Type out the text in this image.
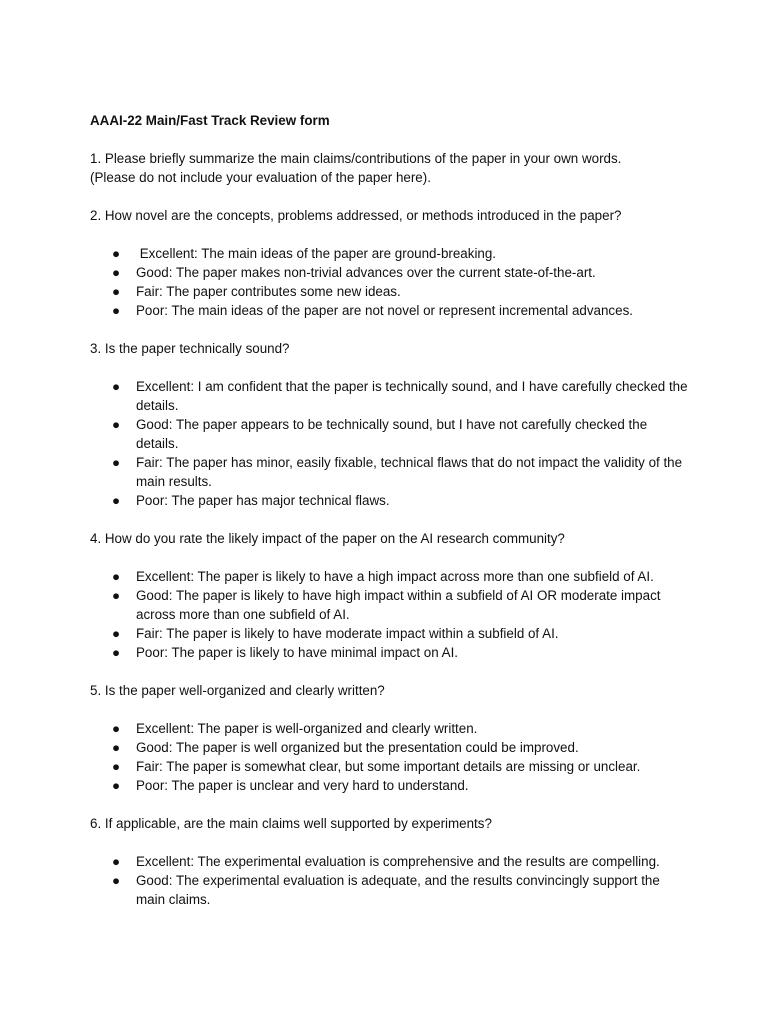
AAAI-22 Main/Fast Track Review form
1. Please briefly summarize the main claims/contributions of the paper in your own words.
(Please do not include your evaluation of the paper here).
2. How novel are the concepts, problems addressed, or methods introduced in the paper?
● Excellent: The main ideas of the paper are ground-breaking.
● Good: The paper makes non-trivial advances over the current state-of-the-art.
● Fair: The paper contributes some new ideas.
● Poor: The main ideas of the paper are not novel or represent incremental advances.
3. Is the paper technically sound?
● Excellent: I am confident that the paper is technically sound, and I have carefully checked the details.
● Good: The paper appears to be technically sound, but I have not carefully checked the details.
● Fair: The paper has minor, easily fixable, technical flaws that do not impact the validity of the main results.
● Poor: The paper has major technical flaws.
4. How do you rate the likely impact of the paper on the AI research community?
● Excellent: The paper is likely to have a high impact across more than one subfield of AI.
● Good: The paper is likely to have high impact within a subfield of AI OR moderate impact across more than one subfield of AI.
● Fair: The paper is likely to have moderate impact within a subfield of AI.
● Poor: The paper is likely to have minimal impact on AI.
5. Is the paper well-organized and clearly written?
● Excellent: The paper is well-organized and clearly written.
● Good: The paper is well organized but the presentation could be improved.
● Fair: The paper is somewhat clear, but some important details are missing or unclear.
● Poor: The paper is unclear and very hard to understand.
6. If applicable, are the main claims well supported by experiments?
● Excellent: The experimental evaluation is comprehensive and the results are compelling.
● Good: The experimental evaluation is adequate, and the results convincingly support the main claims.
